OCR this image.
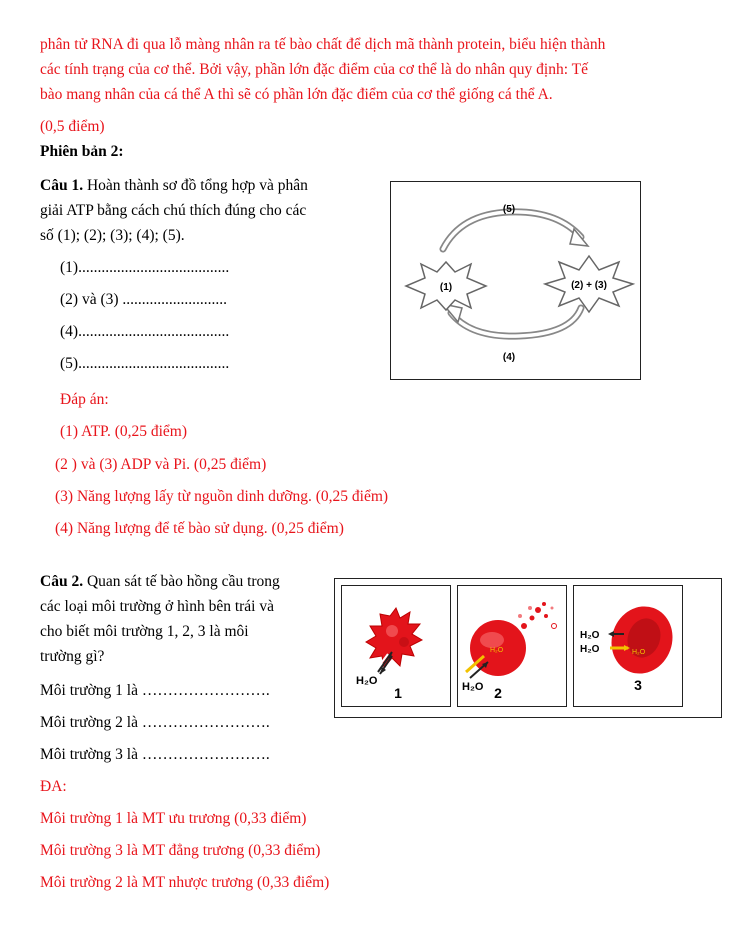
phân tử RNA đi qua lỗ màng nhân ra tế bào chất để dịch mã thành protein, biểu hiện thành
các tính trạng của cơ thể. Bởi vậy, phần lớn đặc điểm của cơ thể là do nhân quy định: Tế
bào mang nhân của cá thể A thì sẽ có phần lớn đặc điểm của cơ thể giống cá thể A.
(0,5 điểm)
Phiên bản 2:
Câu 1. Hoàn thành sơ đồ tổng hợp và phân
giải ATP bằng cách chú thích đúng cho các
số (1); (2); (3); (4); (5).
(1).......................................
(2) và (3) ...........................
(4).......................................
(5).......................................
Đáp án:
(1) ATP. (0,25 điểm)
(2 ) và (3) ADP và Pi. (0,25 điểm)
(3) Năng lượng lấy từ nguồn dinh dưỡng. (0,25 điểm)
(4) Năng lượng để tế bào sử dụng. (0,25 điểm)
(5)
(1)	(2) + (3)
(4)
Câu 2. Quan sát tế bào hồng cầu trong
các loại môi trường ở hình bên trái và
cho biết môi trường 1, 2, 3 là môi
trường gì?
Môi trường 1 là …………………….
Môi trường 2 là …………………….
Môi trường 3 là …………………….
ĐA:
Môi trường 1 là MT ưu trương (0,33 điểm)
Môi trường 3 là MT đẳng trương (0,33 điểm)
Môi trường 2 là MT nhược trương (0,33 điểm)
H₂O
1
H₂O
H₂O 2
H₂O
H₂O	H₂O
3
